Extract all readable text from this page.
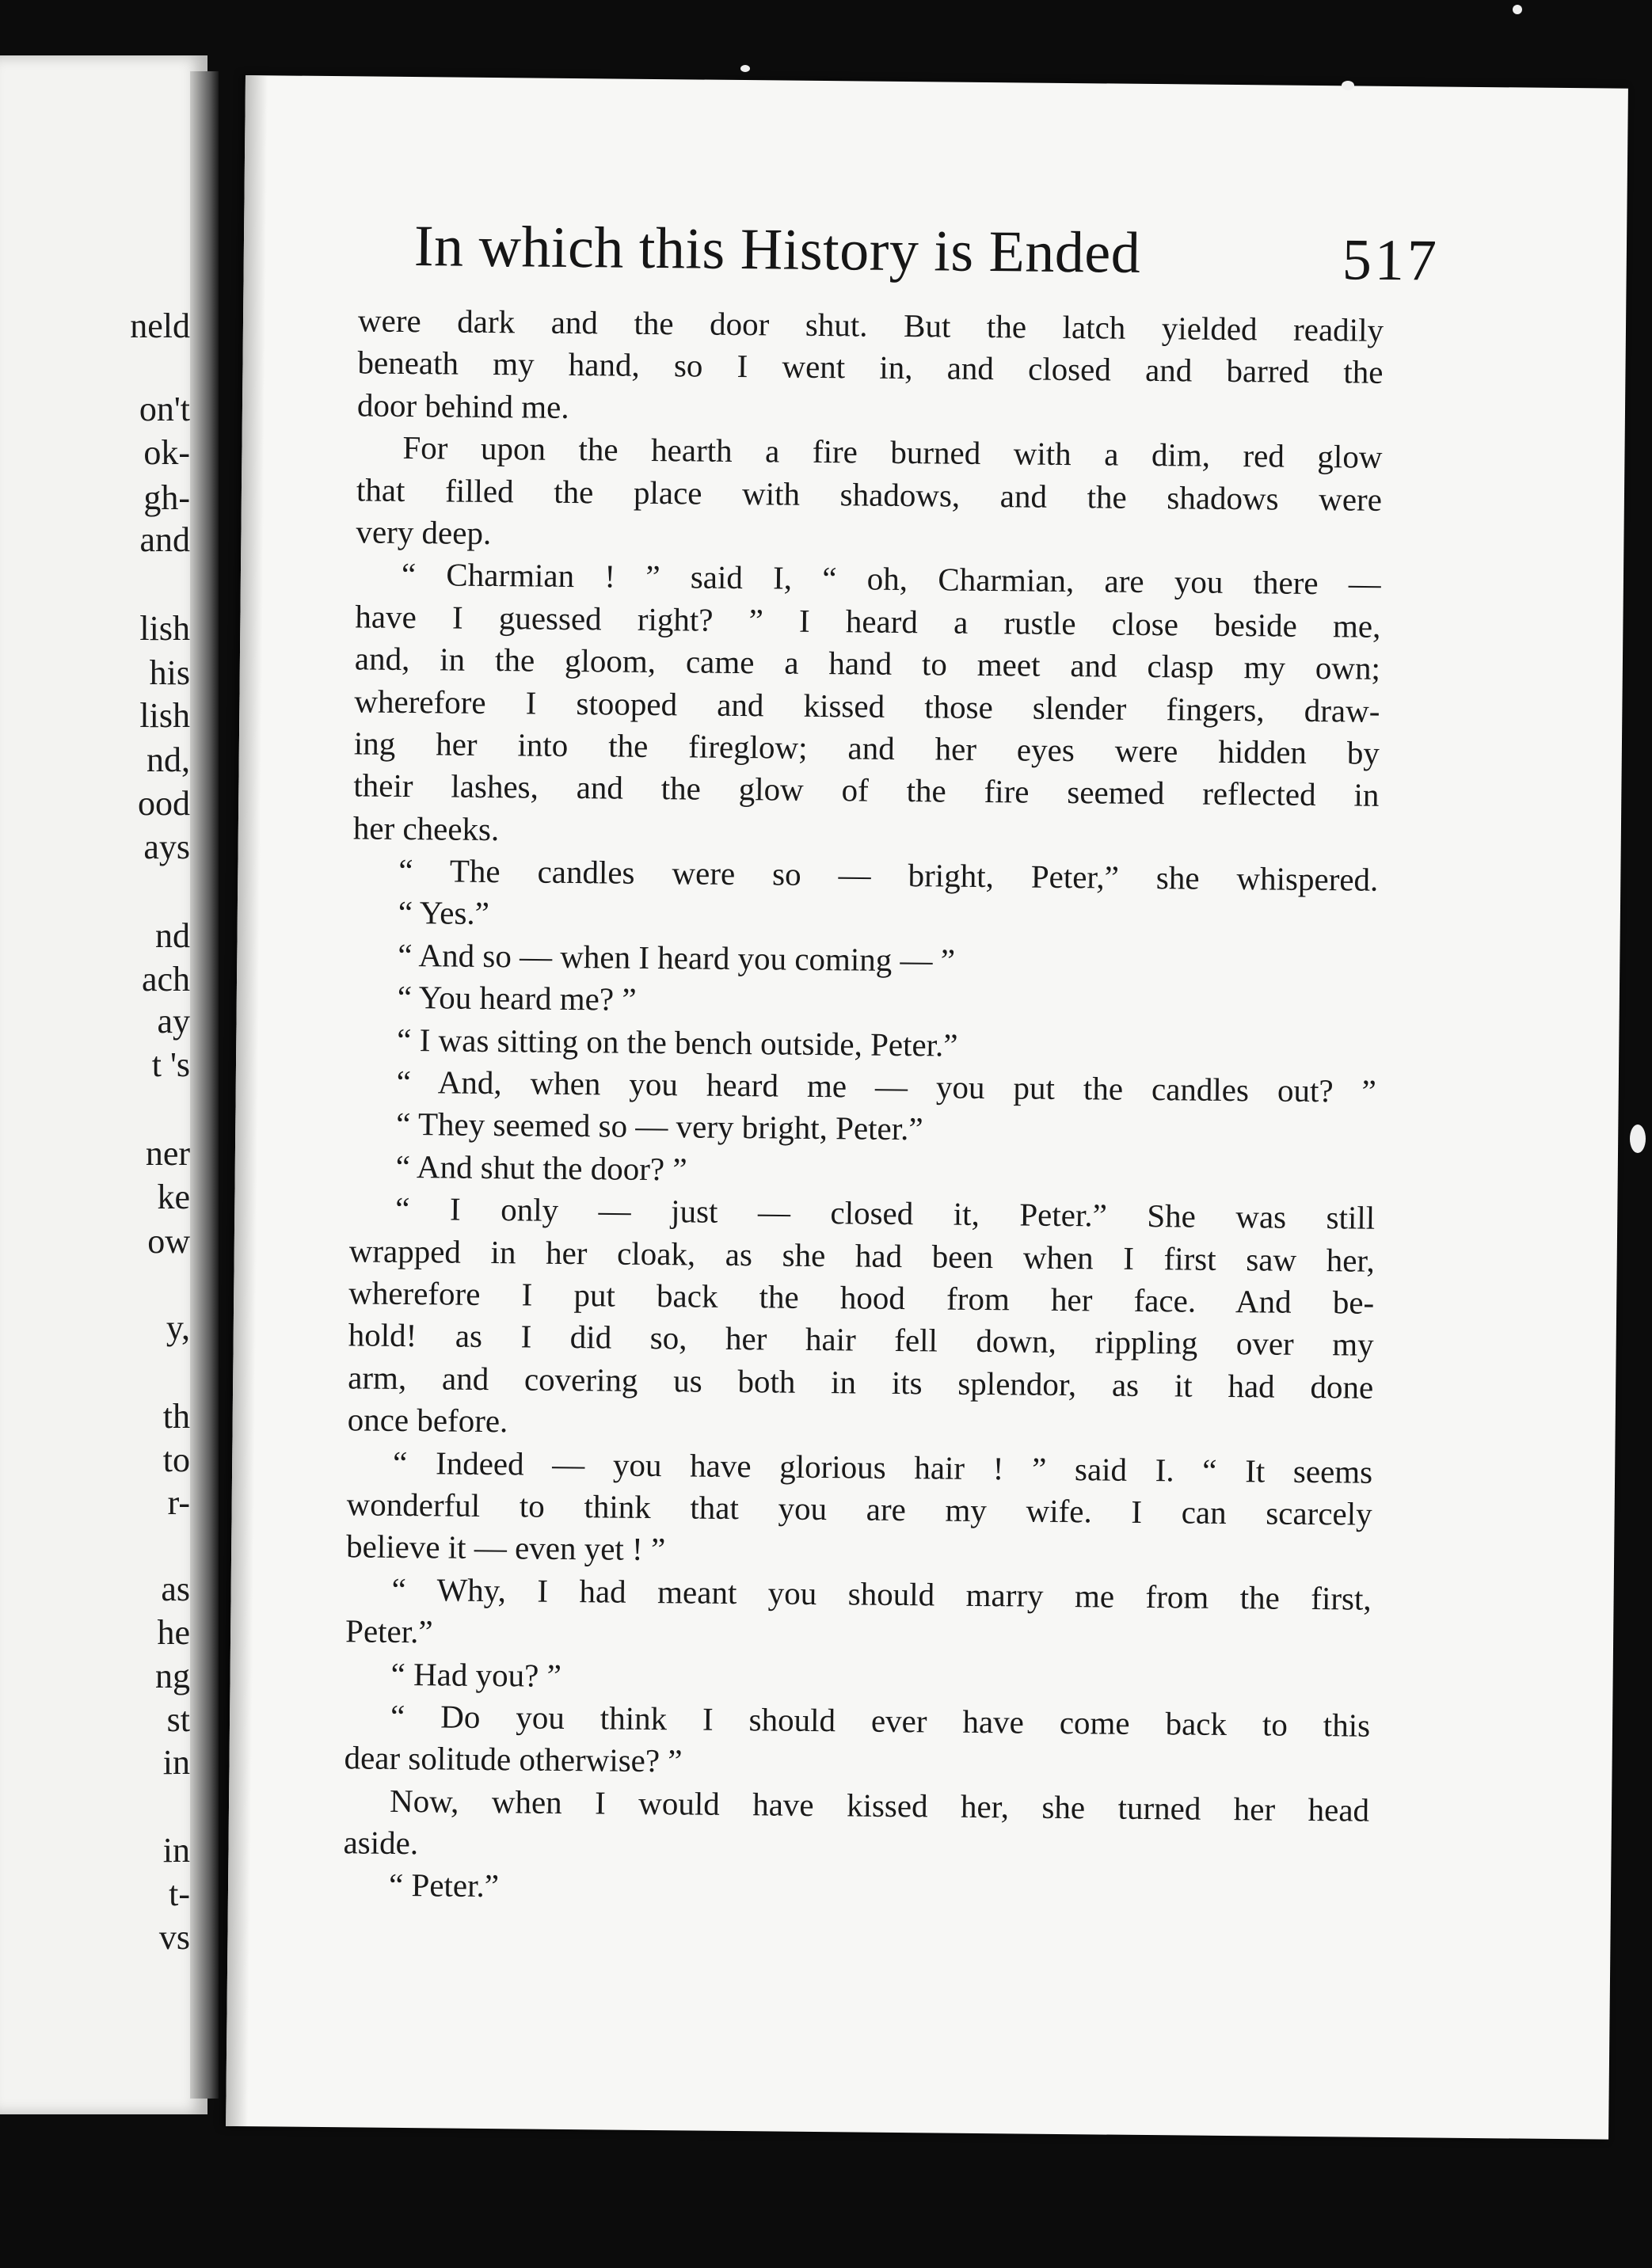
neld
on't
ok-
gh-
and
lish
his
lish
nd,
ood
ays
nd
ach
ay
t 's
ner
ke
ow
y,
th
to
r-
as
he
ng
st
in
in
t-
vs
In which this History is Ended	517
were dark and the door shut. But the latch yielded readily
beneath my hand, so I went in, and closed and barred the
door behind me.
For upon the hearth a fire burned with a dim, red glow
that filled the place with shadows, and the shadows were
very deep.
“ Charmian ! ” said I, “ oh, Charmian, are you there —
have I guessed right? ” I heard a rustle close beside me,
and, in the gloom, came a hand to meet and clasp my own;
wherefore I stooped and kissed those slender fingers, draw-
ing her into the fireglow; and her eyes were hidden by
their lashes, and the glow of the fire seemed reflected in
her cheeks.
“ The candles were so — bright, Peter,” she whispered.
“ Yes.”
“ And so — when I heard you coming — ”
“ You heard me? ”
“ I was sitting on the bench outside, Peter.”
“ And, when you heard me — you put the candles out? ”
“ They seemed so — very bright, Peter.”
“ And shut the door? ”
“ I only — just — closed it, Peter.” She was still
wrapped in her cloak, as she had been when I first saw her,
wherefore I put back the hood from her face. And be-
hold! as I did so, her hair fell down, rippling over my
arm, and covering us both in its splendor, as it had done
once before.
“ Indeed — you have glorious hair ! ” said I. “ It seems
wonderful to think that you are my wife. I can scarcely
believe it — even yet ! ”
“ Why, I had meant you should marry me from the first,
Peter.”
“ Had you? ”
“ Do you think I should ever have come back to this
dear solitude otherwise? ”
Now, when I would have kissed her, she turned her head
aside.
“ Peter.”
